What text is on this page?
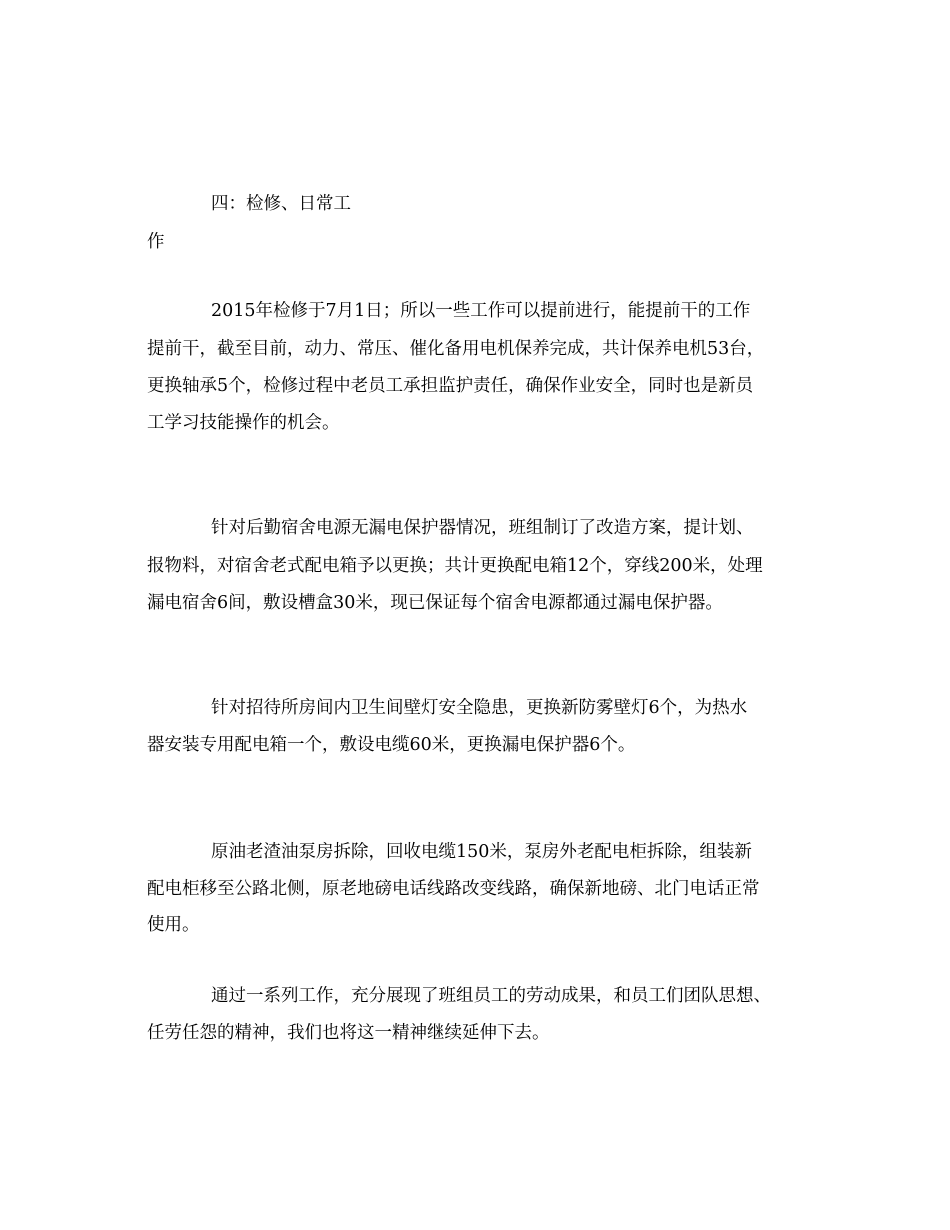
四：检修、日常工
作
2015年检修于7月1日；所以一些工作可以提前进行，能提前干的工作
提前干，截至目前，动力、常压、催化备用电机保养完成，共计保养电机53台，
更换轴承5个，检修过程中老员工承担监护责任，确保作业安全，同时也是新员
工学习技能操作的机会。
针对后勤宿舍电源无漏电保护器情况，班组制订了改造方案，提计划、
报物料，对宿舍老式配电箱予以更换；共计更换配电箱12个，穿线200米，处理
漏电宿舍6间，敷设槽盒30米，现已保证每个宿舍电源都通过漏电保护器。
针对招待所房间内卫生间壁灯安全隐患，更换新防雾壁灯6个，为热水
器安装专用配电箱一个，敷设电缆60米，更换漏电保护器6个。
原油老渣油泵房拆除，回收电缆150米，泵房外老配电柜拆除，组装新
配电柜移至公路北侧，原老地磅电话线路改变线路，确保新地磅、北门电话正常
使用。
通过一系列工作，充分展现了班组员工的劳动成果，和员工们团队思想、
任劳任怨的精神，我们也将这一精神继续延伸下去。
